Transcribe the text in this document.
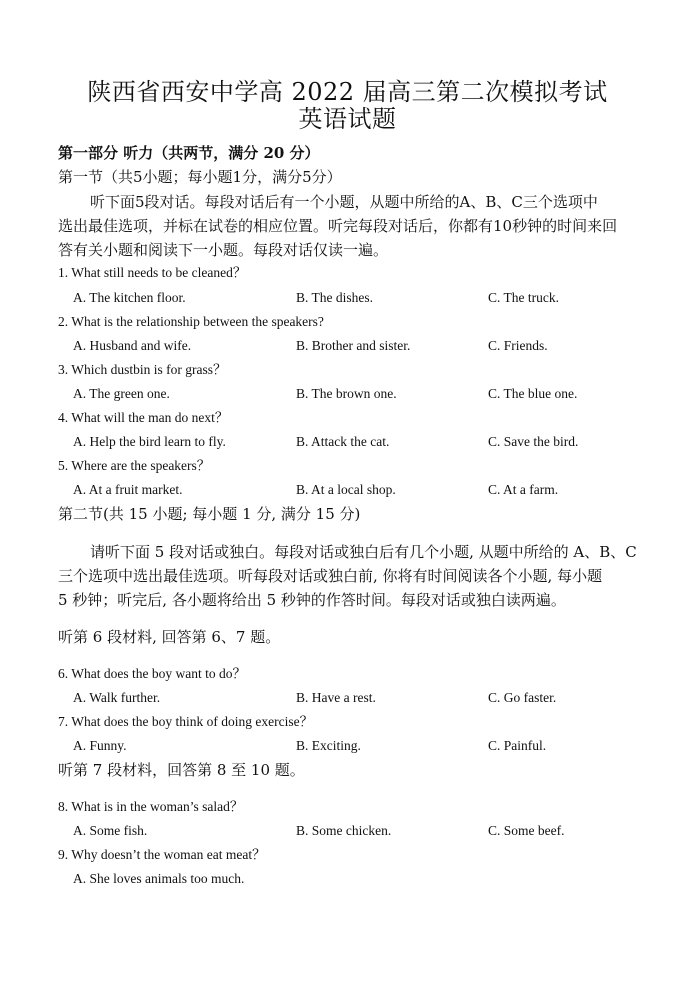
陕西省西安中学高 2022 届高三第二次模拟考试
英语试题
第一部分 听力（共两节，满分 20 分）
第一节（共5小题；每小题1分，满分5分）
听下面5段对话。每段对话后有一个小题，从题中所给的A、B、C三个选项中
选出最佳选项，并标在试卷的相应位置。听完每段对话后，你都有10秒钟的时间来回
答有关小题和阅读下一小题。每段对话仅读一遍。
1. What still needs to be cleaned？
A. The kitchen floor.	B. The dishes.	C. The truck.
2. What is the relationship between the speakers?
A. Husband and wife.	B. Brother and sister.	C. Friends.
3. Which dustbin is for grass？
A. The green one.	B. The brown one.	C. The blue one.
4. What will the man do next？
A. Help the bird learn to fly.	B. Attack the cat.	C. Save the bird.
5. Where are the speakers？
A. At a fruit market.	B. At a local shop.	C. At a farm.
第二节(共 15 小题; 每小题 1 分, 满分 15 分)
请听下面 5 段对话或独白。每段对话或独白后有几个小题, 从题中所给的 A、B、C
三个选项中选出最佳选项。听每段对话或独白前, 你将有时间阅读各个小题, 每小题
5 秒钟；听完后, 各小题将给出 5 秒钟的作答时间。每段对话或独白读两遍。
听第 6 段材料, 回答第 6、7 题。
6. What does the boy want to do？
A. Walk further.	B. Have a rest.	C. Go faster.
7. What does the boy think of doing exercise？
A. Funny.	B. Exciting.	C. Painful.
听第 7 段材料，回答第 8 至 10 题。
8. What is in the woman’s salad？
A. Some fish.	B. Some chicken.	C. Some beef.
9. Why doesn’t the woman eat meat？
A. She loves animals too much.
